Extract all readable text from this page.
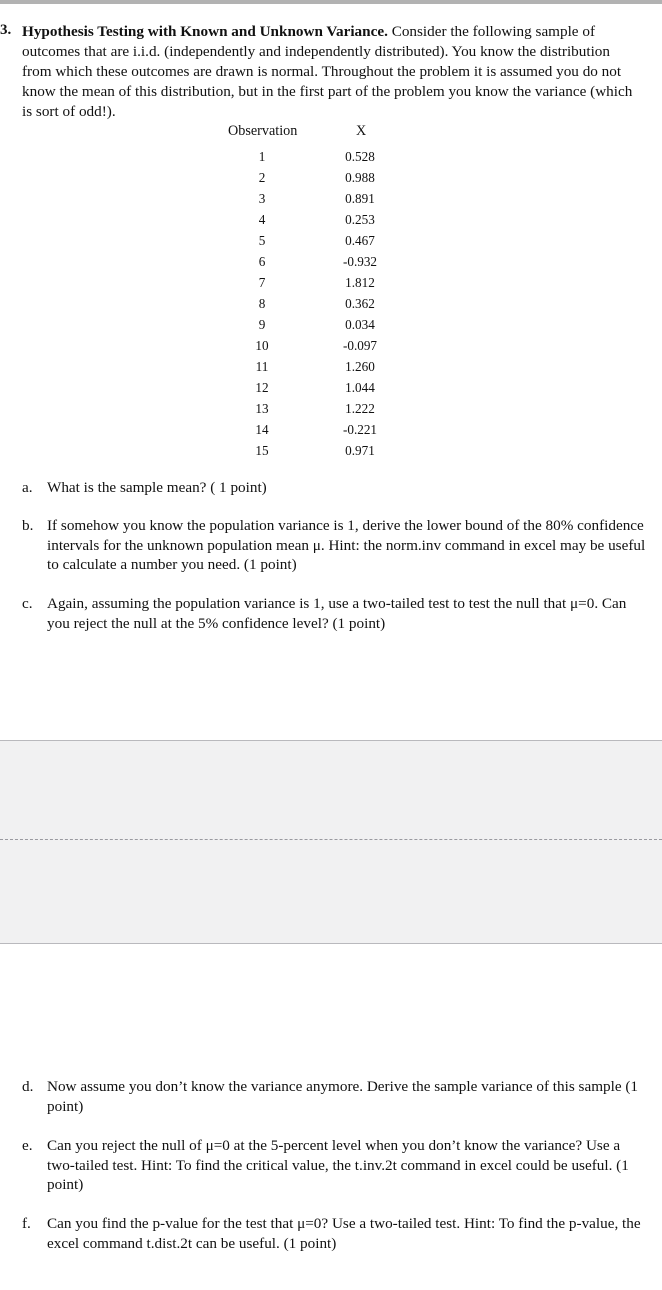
3. Hypothesis Testing with Known and Unknown Variance. Consider the following sample of outcomes that are i.i.d. (independently and independently distributed). You know the distribution from which these outcomes are drawn is normal. Throughout the problem it is assumed you do not know the mean of this distribution, but in the first part of the problem you know the variance (which is sort of odd!).
Observation	X
1	0.528
2	0.988
3	0.891
4	0.253
5	0.467
6	-0.932
7	1.812
8	0.362
9	0.034
10	-0.097
11	1.260
12	1.044
13	1.222
14	-0.221
15	0.971
a. What is the sample mean? ( 1 point)
b. If somehow you know the population variance is 1, derive the lower bound of the 80% confidence intervals for the unknown population mean μ. Hint: the norm.inv command in excel may be useful to calculate a number you need. (1 point)
c. Again, assuming the population variance is 1, use a two-tailed test to test the null that μ=0. Can you reject the null at the 5% confidence level? (1 point)
d. Now assume you don’t know the variance anymore. Derive the sample variance of this sample (1 point)
e. Can you reject the null of μ=0 at the 5-percent level when you don’t know the variance? Use a two-tailed test. Hint: To find the critical value, the t.inv.2t command in excel could be useful. (1 point)
f.	Can you find the p-value for the test that μ=0? Use a two-tailed test. Hint: To find the p-value, the excel command t.dist.2t can be useful. (1 point)
